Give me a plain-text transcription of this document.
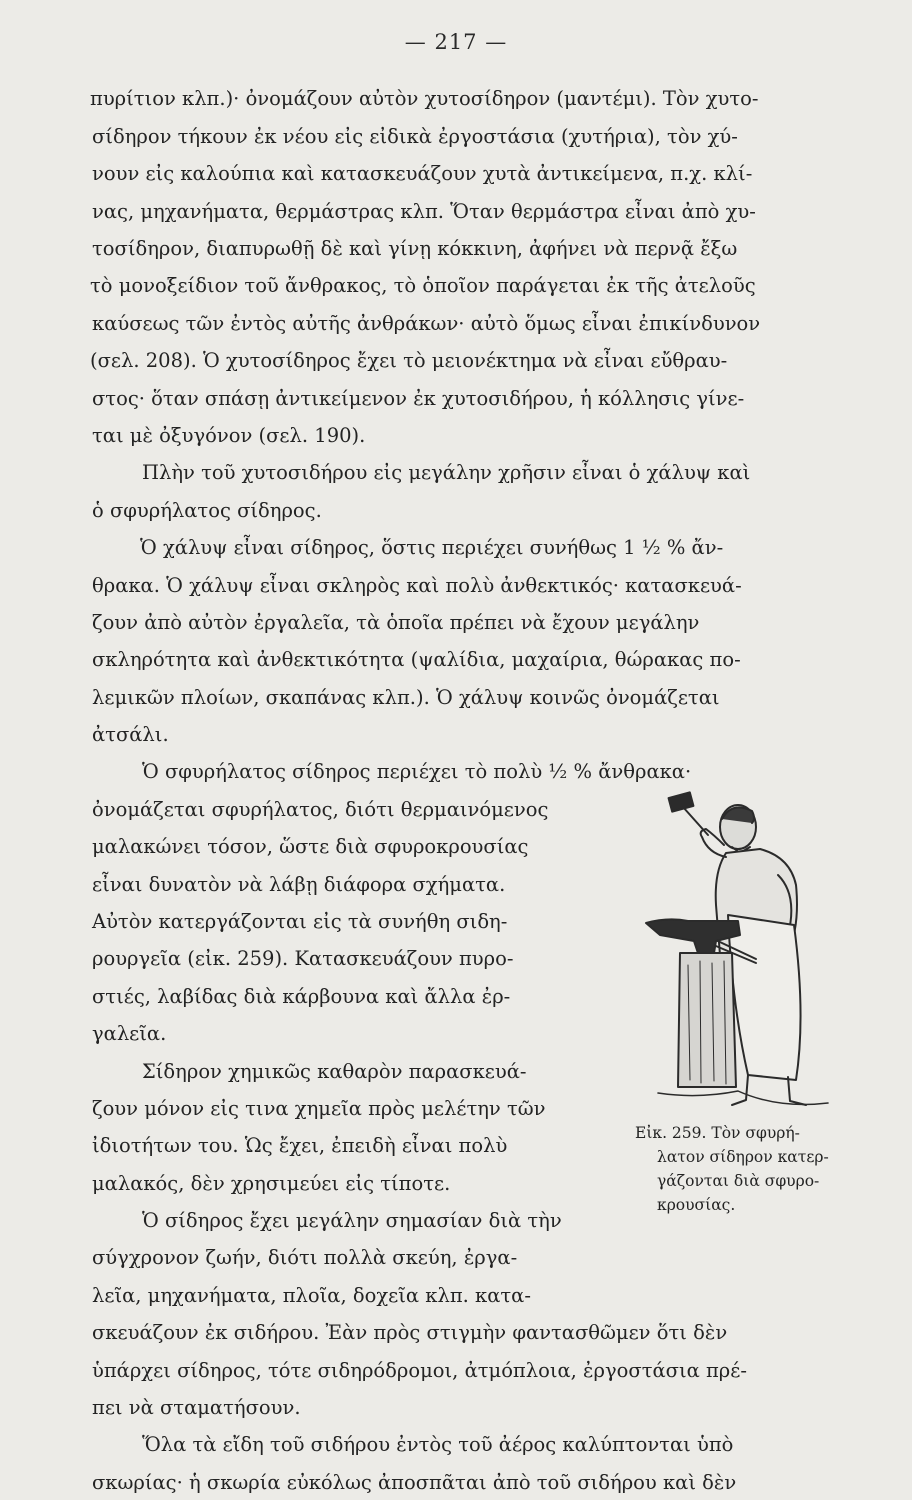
— 217 —
πυρίτιον κλπ.)· ὀνομάζουν αὐτὸν χυτοσίδηρον (μαντέμι). Τὸν χυτο-
σίδηρον τήκουν ἐκ νέου εἰς εἰδικὰ ἐργοστάσια (χυτήρια), τὸν χύ-
νουν εἰς καλούπια καὶ κατασκευάζουν χυτὰ ἀντικείμενα, π.χ. κλί-
νας, μηχανήματα, θερμάστρας κλπ. Ὅταν θερμάστρα εἶναι ἀπὸ χυ-
τοσίδηρον, διαπυρωθῇ δὲ καὶ γίνῃ κόκκινη, ἀφήνει νὰ περνᾷ ἔξω
τὸ μονοξείδιον τοῦ ἄνθρακος, τὸ ὁποῖον παράγεται ἐκ τῆς ἀτελοῦς
καύσεως τῶν ἐντὸς αὐτῆς ἀνθράκων· αὐτὸ ὅμως εἶναι ἐπικίνδυνον
(σελ. 208). Ὁ χυτοσίδηρος ἔχει τὸ μειονέκτημα νὰ εἶναι εὔθραυ-
στος· ὅταν σπάσῃ ἀντικείμενον ἐκ χυτοσιδήρου, ἡ κόλλησις γίνε-
ται μὲ ὀξυγόνον (σελ. 190).
Πλὴν τοῦ χυτοσιδήρου εἰς μεγάλην χρῆσιν εἶναι ὁ χάλυψ καὶ
ὁ σφυρήλατος σίδηρος.
Ὁ χάλυψ εἶναι σίδηρος, ὅστις περιέχει συνήθως 1 ½ % ἄν-
θρακα. Ὁ χάλυψ εἶναι σκληρὸς καὶ πολὺ ἀνθεκτικός· κατασκευά-
ζουν ἀπὸ αὐτὸν ἐργαλεῖα, τὰ ὁποῖα πρέπει νὰ ἔχουν μεγάλην
σκληρότητα καὶ ἀνθεκτικότητα (ψαλίδια, μαχαίρια, θώρακας πο-
λεμικῶν πλοίων, σκαπάνας κλπ.). Ὁ χάλυψ κοινῶς ὀνομάζεται
ἀτσάλι.
Ὁ σφυρήλατος σίδηρος περιέχει τὸ πολὺ ½ % ἄνθρακα·
ὀνομάζεται σφυρήλατος, διότι θερμαινόμενος
μαλακώνει τόσον, ὥστε διὰ σφυροκρουσίας
εἶναι δυνατὸν νὰ λάβῃ διάφορα σχήματα.
Αὐτὸν κατεργάζονται εἰς τὰ συνήθη σιδη-
ρουργεῖα (εἰκ. 259). Κατασκευάζουν πυρο-
στιές, λαβίδας διὰ κάρβουνα καὶ ἄλλα ἐρ-
γαλεῖα.
Σίδηρον χημικῶς καθαρὸν παρασκευά-
ζουν μόνον εἰς τινα χημεῖα πρὸς μελέτην τῶν
ἰδιοτήτων του. Ὡς ἔχει, ἐπειδὴ εἶναι πολὺ
μαλακός, δὲν χρησιμεύει εἰς τίποτε.
Ὁ σίδηρος ἔχει μεγάλην σημασίαν διὰ τὴν
σύγχρονον ζωήν, διότι πολλὰ σκεύη, ἐργα-
λεῖα, μηχανήματα, πλοῖα, δοχεῖα κλπ. κατα-
σκευάζουν ἐκ σιδήρου. Ἐὰν πρὸς στιγμὴν φαντασθῶμεν ὅτι δὲν
ὑπάρχει σίδηρος, τότε σιδηρόδρομοι, ἀτμόπλοια, ἐργοστάσια πρέ-
πει νὰ σταματήσουν.
Ὅλα τὰ εἴδη τοῦ σιδήρου ἐντὸς τοῦ ἀέρος καλύπτονται ὑπὸ
σκωρίας· ἡ σκωρία εὐκόλως ἀποσπᾶται ἀπὸ τοῦ σιδήρου καὶ δὲν
Εἰκ. 259. Τὸν σφυρή-
λατον σίδηρον κατερ-
γάζονται διὰ σφυρο-
κρουσίας.
